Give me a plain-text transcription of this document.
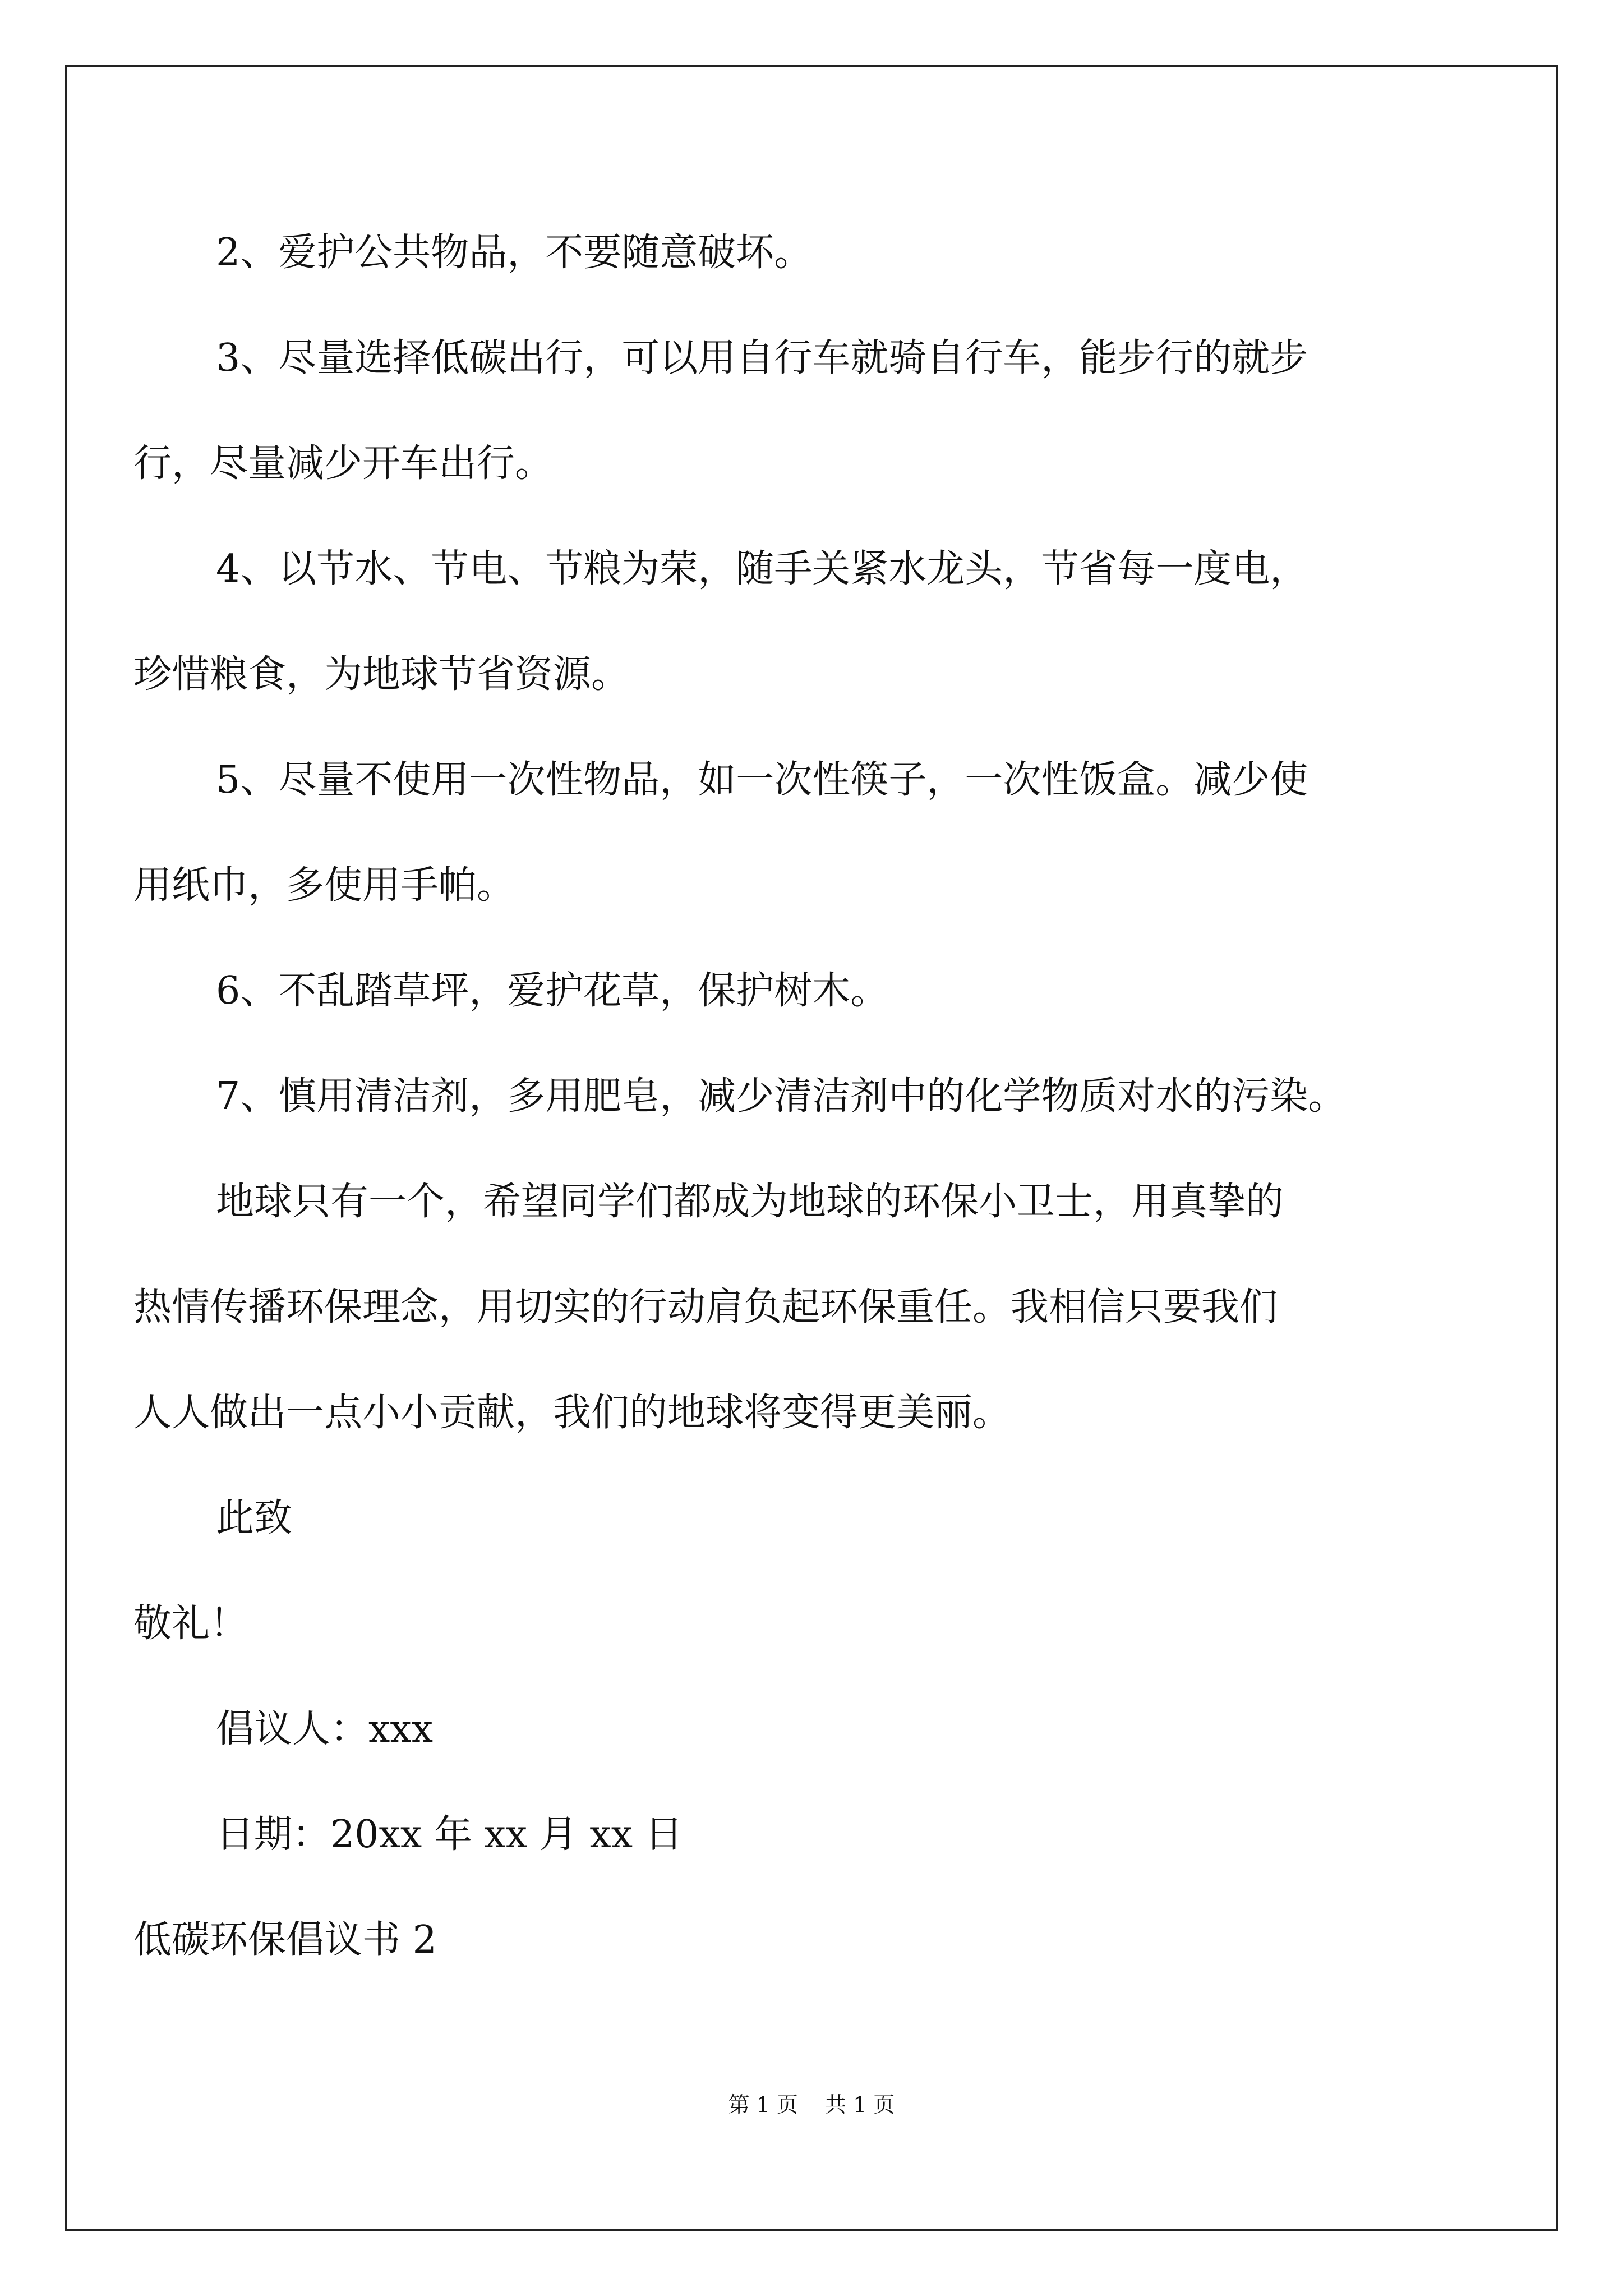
2、爱护公共物品，不要随意破坏。

3、尽量选择低碳出行，可以用自行车就骑自行车，能步行的就步

行，尽量减少开车出行。

4、以节水、节电、节粮为荣，随手关紧水龙头，节省每一度电，

珍惜粮食，为地球节省资源。

5、尽量不使用一次性物品，如一次性筷子，一次性饭盒。减少使

用纸巾，多使用手帕。

6、不乱踏草坪，爱护花草，保护树木。

7、慎用清洁剂，多用肥皂，减少清洁剂中的化学物质对水的污染。

地球只有一个，希望同学们都成为地球的环保小卫士，用真挚的

热情传播环保理念，用切实的行动肩负起环保重任。我相信只要我们

人人做出一点小小贡献，我们的地球将变得更美丽。

此致

敬礼！

倡议人：xxx

日期：20xx 年 xx 月 xx 日

低碳环保倡议书 2

第 1 页 共 1 页
